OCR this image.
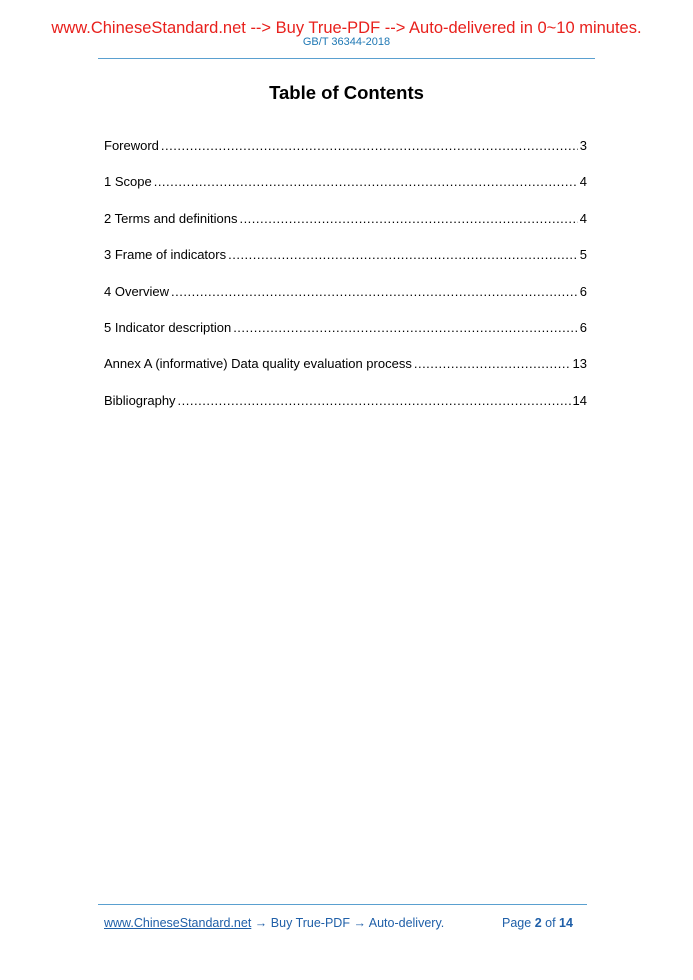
www.ChineseStandard.net --> Buy True-PDF --> Auto-delivered in 0~10 minutes.
GB/T 36344-2018
Table of Contents
Foreword .....	3
1 Scope .....	4
2 Terms and definitions .....	4
3 Frame of indicators .....	5
4 Overview .....	6
5 Indicator description .....	6
Annex A (informative) Data quality evaluation process .....	13
Bibliography .....	14
www.ChineseStandard.net → Buy True-PDF → Auto-delivery.	Page 2 of 14
